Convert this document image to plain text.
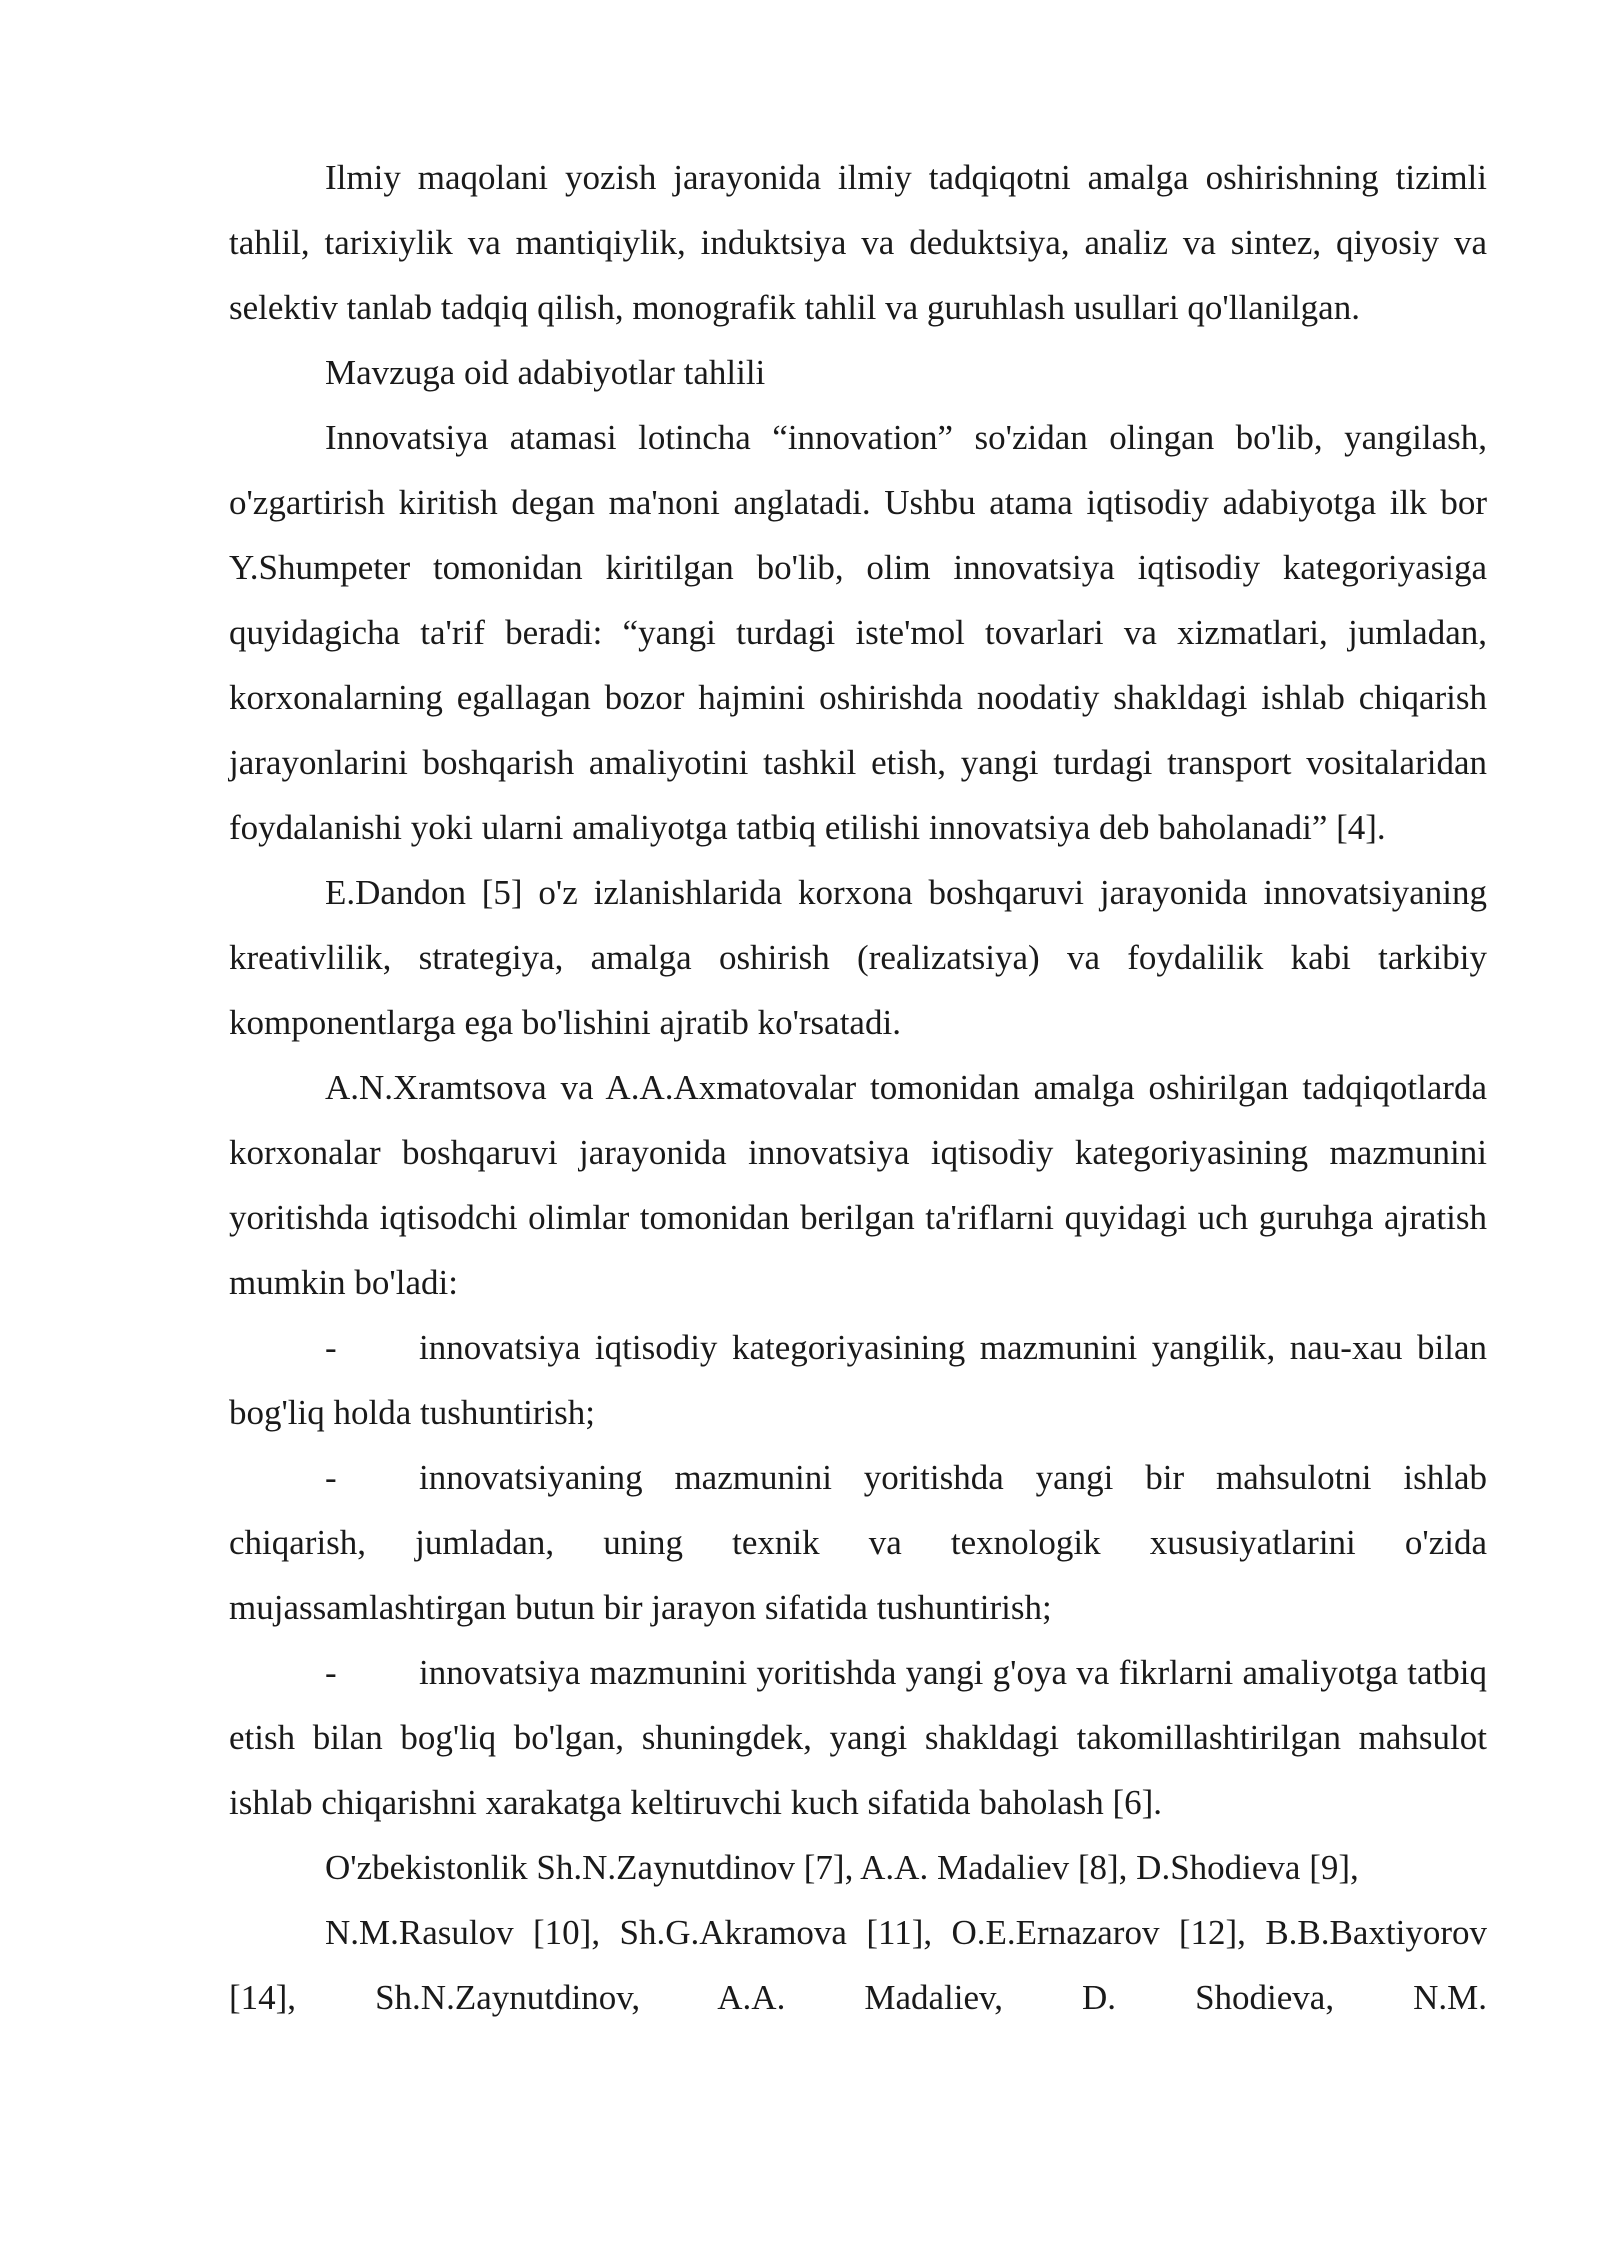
Ilmiy maqolani yozish jarayonida ilmiy tadqiqotni amalga oshirishning tizimli tahlil, tarixiylik va mantiqiylik, induktsiya va deduktsiya, analiz va sintez, qiyosiy va selektiv tanlab tadqiq qilish, monografik tahlil va guruhlash usullari qo'llanilgan.

Mavzuga oid adabiyotlar tahlili

Innovatsiya atamasi lotincha “innovation” so'zidan olingan bo'lib, yangilash, o'zgartirish kiritish degan ma'noni anglatadi. Ushbu atama iqtisodiy adabiyotga ilk bor Y.Shumpeter tomonidan kiritilgan bo'lib, olim innovatsiya iqtisodiy kategoriyasiga quyidagicha ta'rif beradi: “yangi turdagi iste'mol tovarlari va xizmatlari, jumladan, korxonalarning egallagan bozor hajmini oshirishda noodatiy shakldagi ishlab chiqarish jarayonlarini boshqarish amaliyotini tashkil etish, yangi turdagi transport vositalaridan foydalanishi yoki ularni amaliyotga tatbiq etilishi innovatsiya deb baholanadi” [4].

E.Dandon [5] o'z izlanishlarida korxona boshqaruvi jarayonida innovatsiyaning kreativlilik, strategiya, amalga oshirish (realizatsiya) va foydalilik kabi tarkibiy komponentlarga ega bo'lishini ajratib ko'rsatadi.

A.N.Xramtsova va A.A.Axmatovalar tomonidan amalga oshirilgan tadqiqotlarda korxonalar boshqaruvi jarayonida innovatsiya iqtisodiy kategoriyasining mazmunini yoritishda iqtisodchi olimlar tomonidan berilgan ta'riflarni quyidagi uch guruhga ajratish mumkin bo'ladi:

- innovatsiya iqtisodiy kategoriyasining mazmunini yangilik, nau-xau bilan bog'liq holda tushuntirish;

- innovatsiyaning mazmunini yoritishda yangi bir mahsulotni ishlab chiqarish, jumladan, uning texnik va texnologik xususiyatlarini o'zida mujassamlashtirgan butun bir jarayon sifatida tushuntirish;

- innovatsiya mazmunini yoritishda yangi g'oya va fikrlarni amaliyotga tatbiq etish bilan bog'liq bo'lgan, shuningdek, yangi shakldagi takomillashtirilgan mahsulot ishlab chiqarishni xarakatga keltiruvchi kuch sifatida baholash [6].

O'zbekistonlik Sh.N.Zaynutdinov [7], A.A. Madaliev [8], D.Shodieva [9],

N.M.Rasulov [10], Sh.G.Akramova [11], O.E.Ernazarov [12], B.B.Baxtiyorov [14], Sh.N.Zaynutdinov, A.A. Madaliev, D. Shodieva, N.M.
